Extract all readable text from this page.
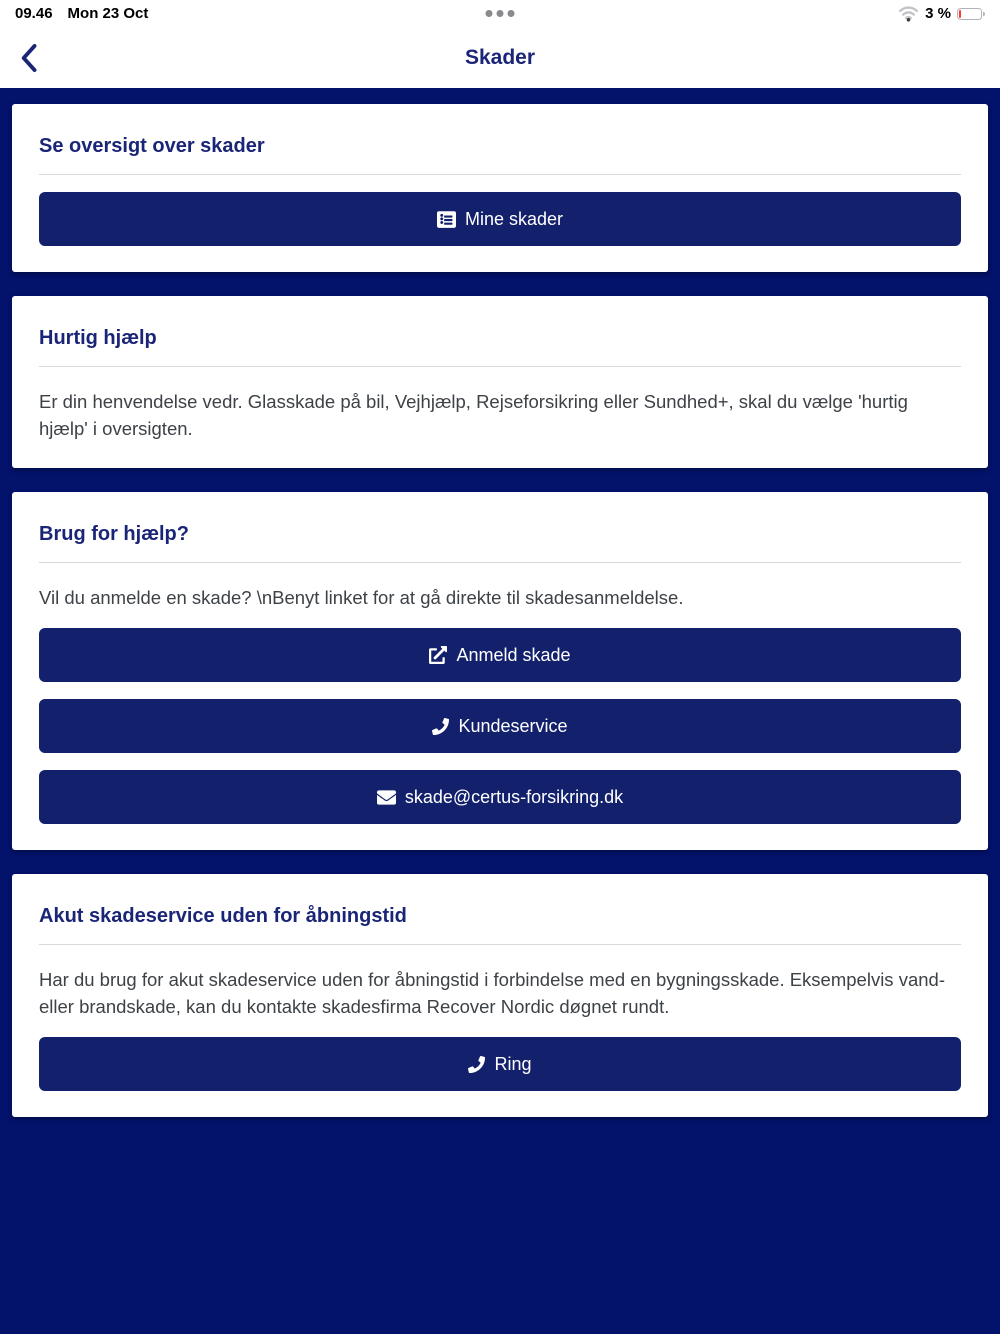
09.46 Mon 23 Oct	3 %
Skader
Se oversigt over skader
Mine skader
Hurtig hjælp

Er din henvendelse vedr. Glasskade på bil, Vejhjælp, Rejseforsikring eller Sundhed+, skal du vælge 'hurtig hjælp' i oversigten.

Brug for hjælp?

Vil du anmelde en skade? \nBenyt linket for at gå direkte til skadesanmeldelse.

Anmeld skade
Kundeservice
skade@certus-forsikring.dk
Akut skadeservice uden for åbningstid

Har du brug for akut skadeservice uden for åbningstid i forbindelse med en bygningsskade. Eksempelvis vand- eller brandskade, kan du kontakte skadesfirma Recover Nordic døgnet rundt.

Ring
